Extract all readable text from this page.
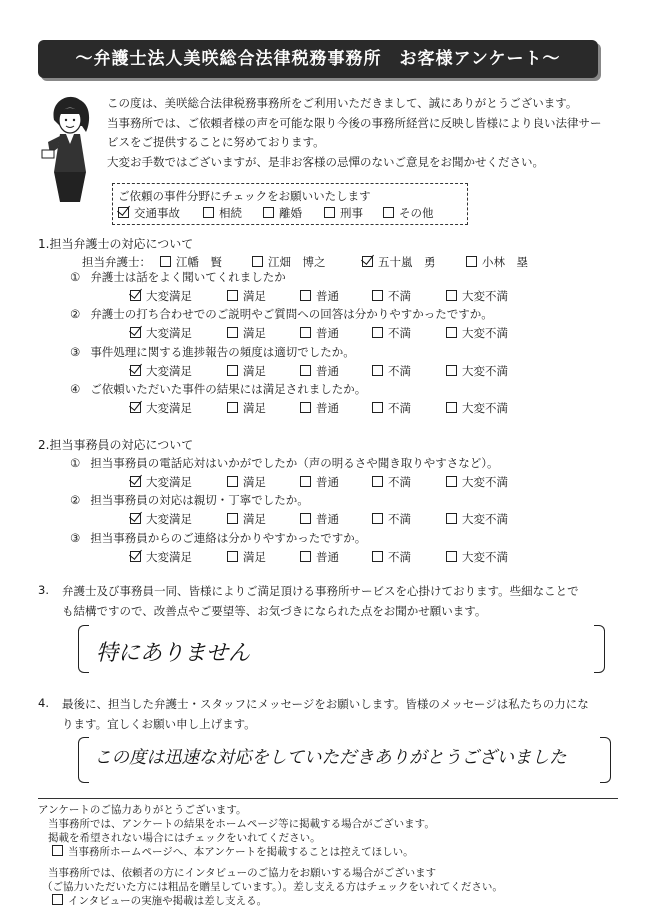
～弁護士法人美咲総合法律税務事務所　お客様アンケート～

この度は、美咲総合法律税務事務所をご利用いただきまして、誠にありがとうございます。

当事務所では、ご依頼者様の声を可能な限り今後の事務所経営に反映し皆様により良い法律サー

ビスをご提供することに努めております。

大変お手数ではございますが、是非お客様の忌憚のないご意見をお聞かせください。

ご依頼の事件分野にチェックをお願いいたします
交通事故	相続	離婚	刑事	その他
1.担当弁護士の対応について
担当弁護士：	江幡　賢	江畑　博之	五十嵐　勇	小林　塁
① 弁護士は話をよく聞いてくれましたか
大変満足	満足	普通	不満	大変不満
② 弁護士の打ち合わせでのご説明やご質問への回答は分かりやすかったですか。
大変満足	満足	普通	不満	大変不満
③ 事件処理に関する進捗報告の頻度は適切でしたか。
大変満足	満足	普通	不満	大変不満
④ ご依頼いただいた事件の結果には満足されましたか。
大変満足	満足	普通	不満	大変不満
① 担当事務員の電話応対はいかがでしたか（声の明るさや聞き取りやすさなど）。
大変満足	満足	普通	不満	大変不満
② 担当事務員の対応は親切・丁寧でしたか。
大変満足	満足	普通	不満	大変不満
③ 担当事務員からのご連絡は分かりやすかったですか。
大変満足	満足	普通	不満	大変不満
2.担当事務員の対応について
3. 弁護士及び事務員一同、皆様によりご満足頂ける事務所サービスを心掛けております。些細なことで
も結構ですので、改善点やご要望等、お気づきになられた点をお聞かせ願います。
特にありません
4. 最後に、担当した弁護士・スタッフにメッセージをお願いします。皆様のメッセージは私たちの力にな
ります。宜しくお願い申し上げます。
この度は迅速な対応をしていただきありがとうございました
アンケートのご協力ありがとうございます。
当事務所では、アンケートの結果をホームページ等に掲載する場合がございます。
掲載を希望されない場合にはチェックをいれてください。
当事務所ホームページへ、本アンケートを掲載することは控えてほしい。
当事務所では、依頼者の方にインタビューのご協力をお願いする場合がございます
（ご協力いただいた方には粗品を贈呈しています。）。差し支える方はチェックをいれてください。
インタビューの実施や掲載は差し支える。
